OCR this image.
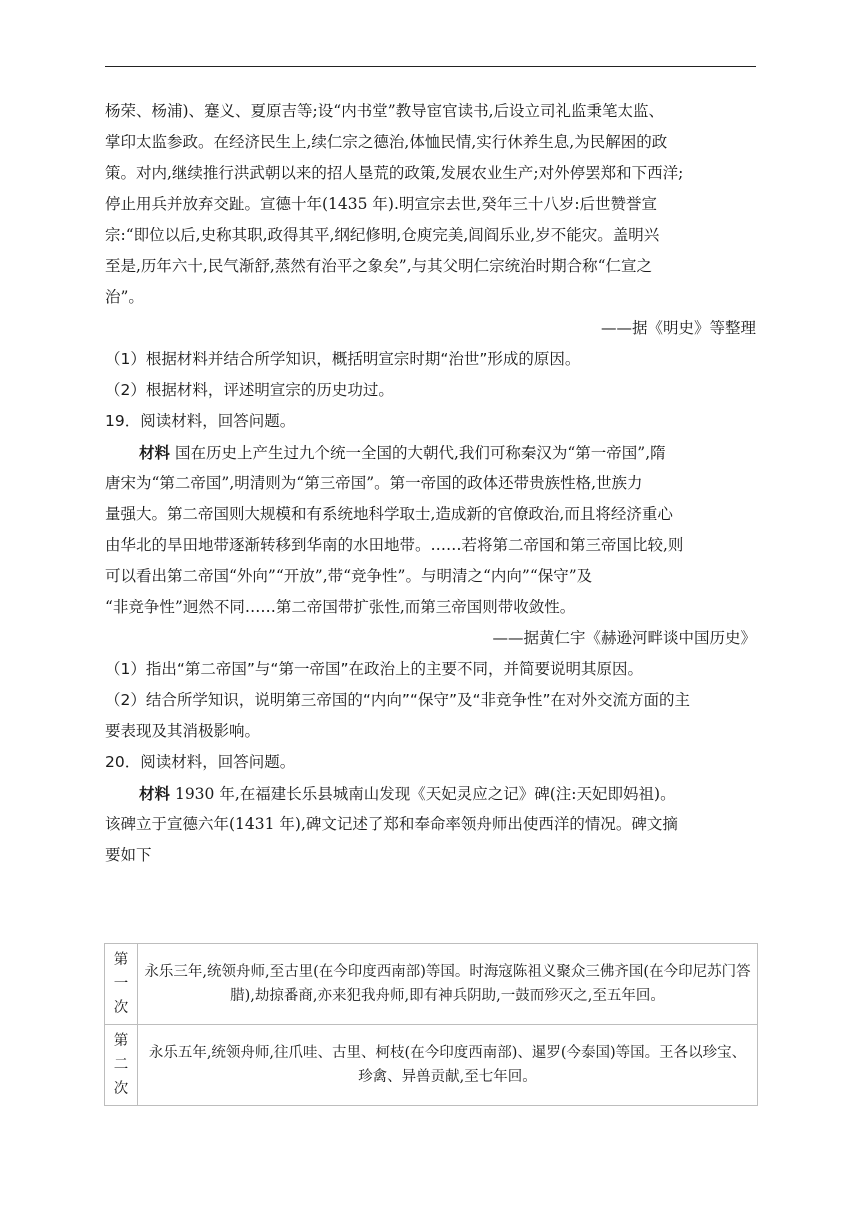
杨荣、杨浦)、蹇义、夏原吉等;设“内书堂”教导宦官读书,后设立司礼监秉笔太监、
掌印太监参政。在经济民生上,续仁宗之德治,体恤民情,实行休养生息,为民解困的政
策。对内,继续推行洪武朝以来的招人垦荒的政策,发展农业生产;对外停罢郑和下西洋;
停止用兵并放弃交趾。宣德十年(1435 年).明宣宗去世,癸年三十八岁:后世赞誉宣
宗:“即位以后,史称其职,政得其平,纲纪修明,仓庾完美,闾阎乐业,岁不能灾。盖明兴
至是,历年六十,民气渐舒,蒸然有治平之象矣”,与其父明仁宗统治时期合称“仁宣之
治”。
——据《明史》等整理
（1）根据材料并结合所学知识，概括明宣宗时期“治世”形成的原因。
（2）根据材料，评述明宣宗的历史功过。
19．阅读材料，回答问题。
材料 国在历史上产生过九个统一全国的大朝代,我们可称秦汉为“第一帝国”,隋
唐宋为“第二帝国”,明清则为“第三帝国”。第一帝国的政体还带贵族性格,世族力
量强大。第二帝国则大规模和有系统地科学取士,造成新的官僚政治,而且将经济重心
由华北的旱田地带逐渐转移到华南的水田地带。……若将第二帝国和第三帝国比较,则
可以看出第二帝国“外向”“开放”,带“竞争性”。与明清之“内向”“保守”及
“非竞争性”迥然不同……第二帝国带扩张性,而第三帝国则带收敛性。
——据黄仁宇《赫逊河畔谈中国历史》
（1）指出“第二帝国”与“第一帝国”在政治上的主要不同，并简要说明其原因。
（2）结合所学知识，说明第三帝国的“内向”“保守”及“非竞争性”在对外交流方面的主
要表现及其消极影响。
20．阅读材料，回答问题。
材料 1930 年,在福建长乐县城南山发现《天妃灵应之记》碑(注:天妃即妈祖)。
该碑立于宣德六年(1431 年),碑文记述了郑和奉命率领舟师出使西洋的情况。碑文摘
要如下
第
一
次	永乐三年,统领舟师,至古里(在今印度西南部)等国。时海寇陈祖义聚众三佛齐国(在今印尼苏门答腊),劫掠番商,亦来犯我舟师,即有神兵阴助,一鼓而殄灭之,至五年回。

第
二
次	永乐五年,统领舟师,往爪哇、古里、柯枝(在今印度西南部)、暹罗(今泰国)等国。王各以珍宝、珍禽、异兽贡献,至七年回。
